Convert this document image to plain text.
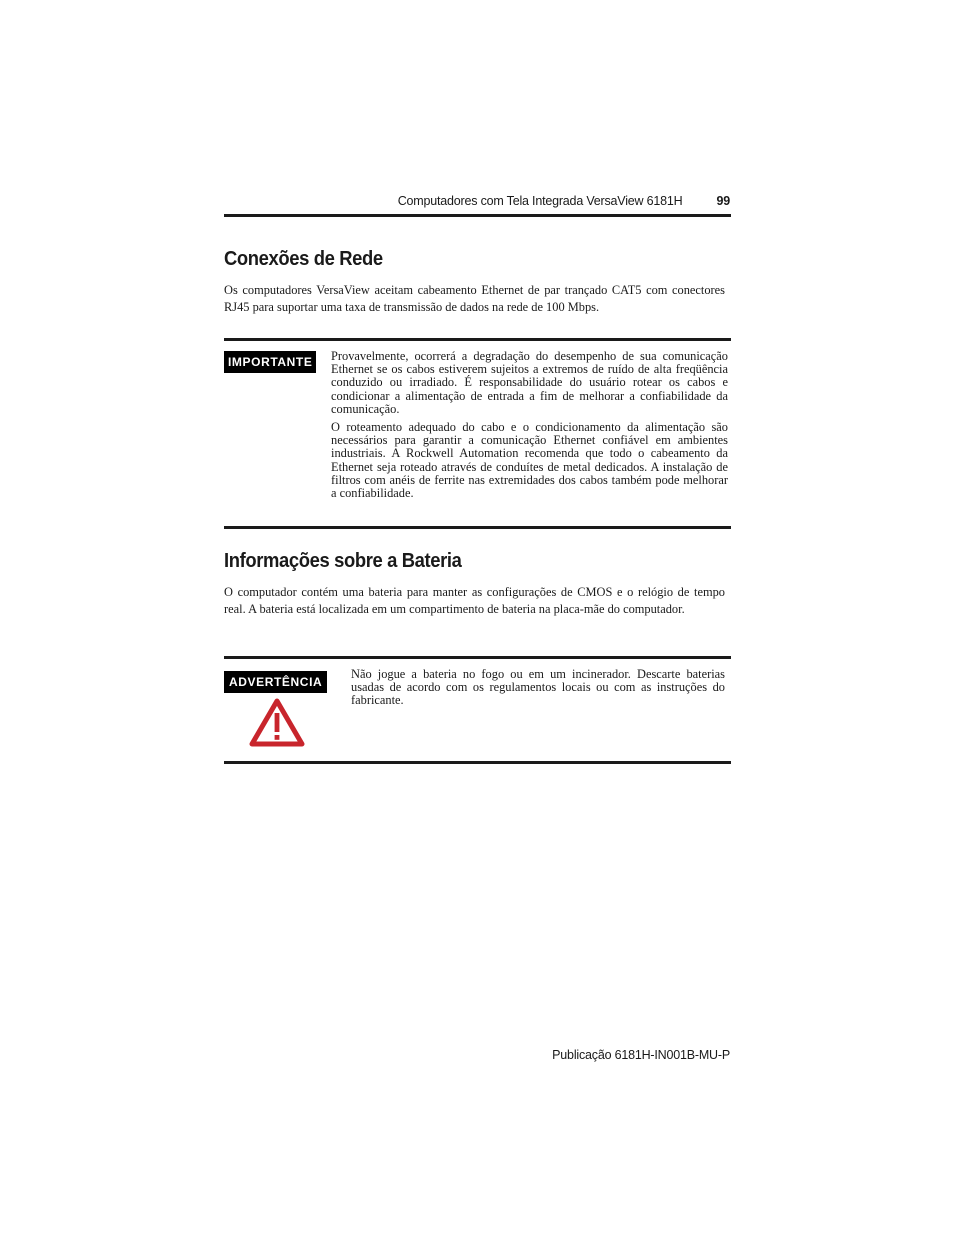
Computadores com Tela Integrada VersaView 6181H	99
Conexões de Rede

Os computadores VersaView aceitam cabeamento Ethernet de par trançado CAT5 com conectores RJ45 para suportar uma taxa de transmissão de dados na rede de 100 Mbps.

IMPORTANTE	Provavelmente, ocorrerá a degradação do desempenho de sua comunicação Ethernet se os cabos estiverem sujeitos a extremos de ruído de alta freqüência conduzido ou irradiado. É responsabilidade do usuário rotear os cabos e condicionar a alimentação de entrada a fim de melhorar a confiabilidade da comunicação.

O roteamento adequado do cabo e o condicionamento da alimentação são necessários para garantir a comunicação Ethernet confiável em ambientes industriais. A Rockwell Automation recomenda que todo o cabeamento da Ethernet seja roteado através de conduítes de metal dedicados. A instalação de filtros com anéis de ferrite nas extremidades dos cabos também pode melhorar a confiabilidade.

Informações sobre a Bateria

O computador contém uma bateria para manter as configurações de CMOS e o relógio de tempo real. A bateria está localizada em um compartimento de bateria na placa-mãe do computador.

ADVERTÊNCIA

Não jogue a bateria no fogo ou em um incinerador. Descarte baterias usadas de acordo com os regulamentos locais ou com as instruções do fabricante.

Publicação 6181H-IN001B-MU-P
